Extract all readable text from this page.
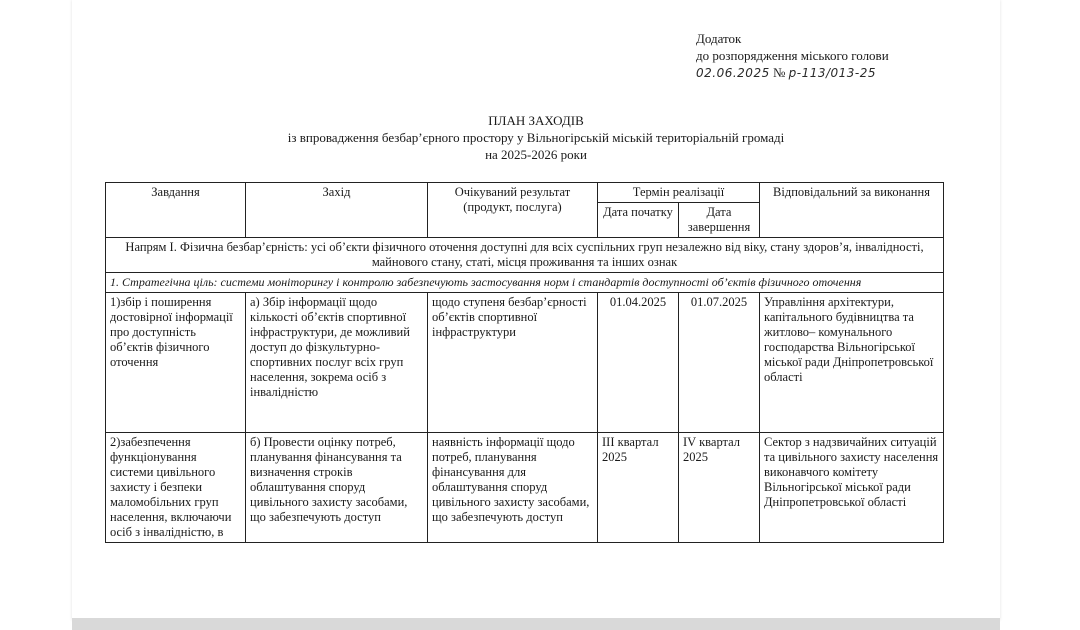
Додаток
до розпорядження міського голови
02.06.2025 № р-113/013-25
ПЛАН ЗАХОДІВ
із впровадження безбар’єрного простору у Вільногірській міській територіальній громаді
на 2025-2026 роки
Завдання	Захід	Очікуваний результат (продукт, послуга)	Термін реалізації		Відповідальний за виконання
			Дата початку	Дата завершення	
Напрям І. Фізична безбар’єрність: усі об’єкти фізичного оточення доступні для всіх суспільних груп незалежно від віку, стану здоров’я, інвалідності, майнового стану, статі, місця проживання та інших ознак					
1. Стратегічна ціль: системи моніторингу і контролю забезпечують застосування норм і стандартів доступності об’єктів фізичного оточення					
1)збір і поширення достовірної інформації про доступність об’єктів фізичного оточення	а) Збір інформації щодо кількості об’єктів спортивної інфраструктури, де можливий доступ до фізкультурно- спортивних послуг всіх груп населення, зокрема осіб з інвалідністю	щодо ступеня безбар’єрності об’єктів спортивної інфраструктури	01.04.2025	01.07.2025	Управління архітектури, капітального будівництва та житлово– комунального господарства Вільногірської міської ради Дніпропетровської області
2)забезпечення функціонування системи цивільного захисту і безпеки маломобільних груп населення, включаючи осіб з інвалідністю, в	б) Провести оцінку потреб, планування фінансування та визначення строків облаштування споруд цивільного захисту засобами, що забезпечують доступ	наявність інформації щодо потреб, планування фінансування для облаштування споруд цивільного захисту засобами, що забезпечують доступ	ІІІ квартал 2025	IV квартал 2025	Сектор з надзвичайних ситуацій та цивільного захисту населення виконавчого комітету Вільногірської міської ради Дніпропетровської області
